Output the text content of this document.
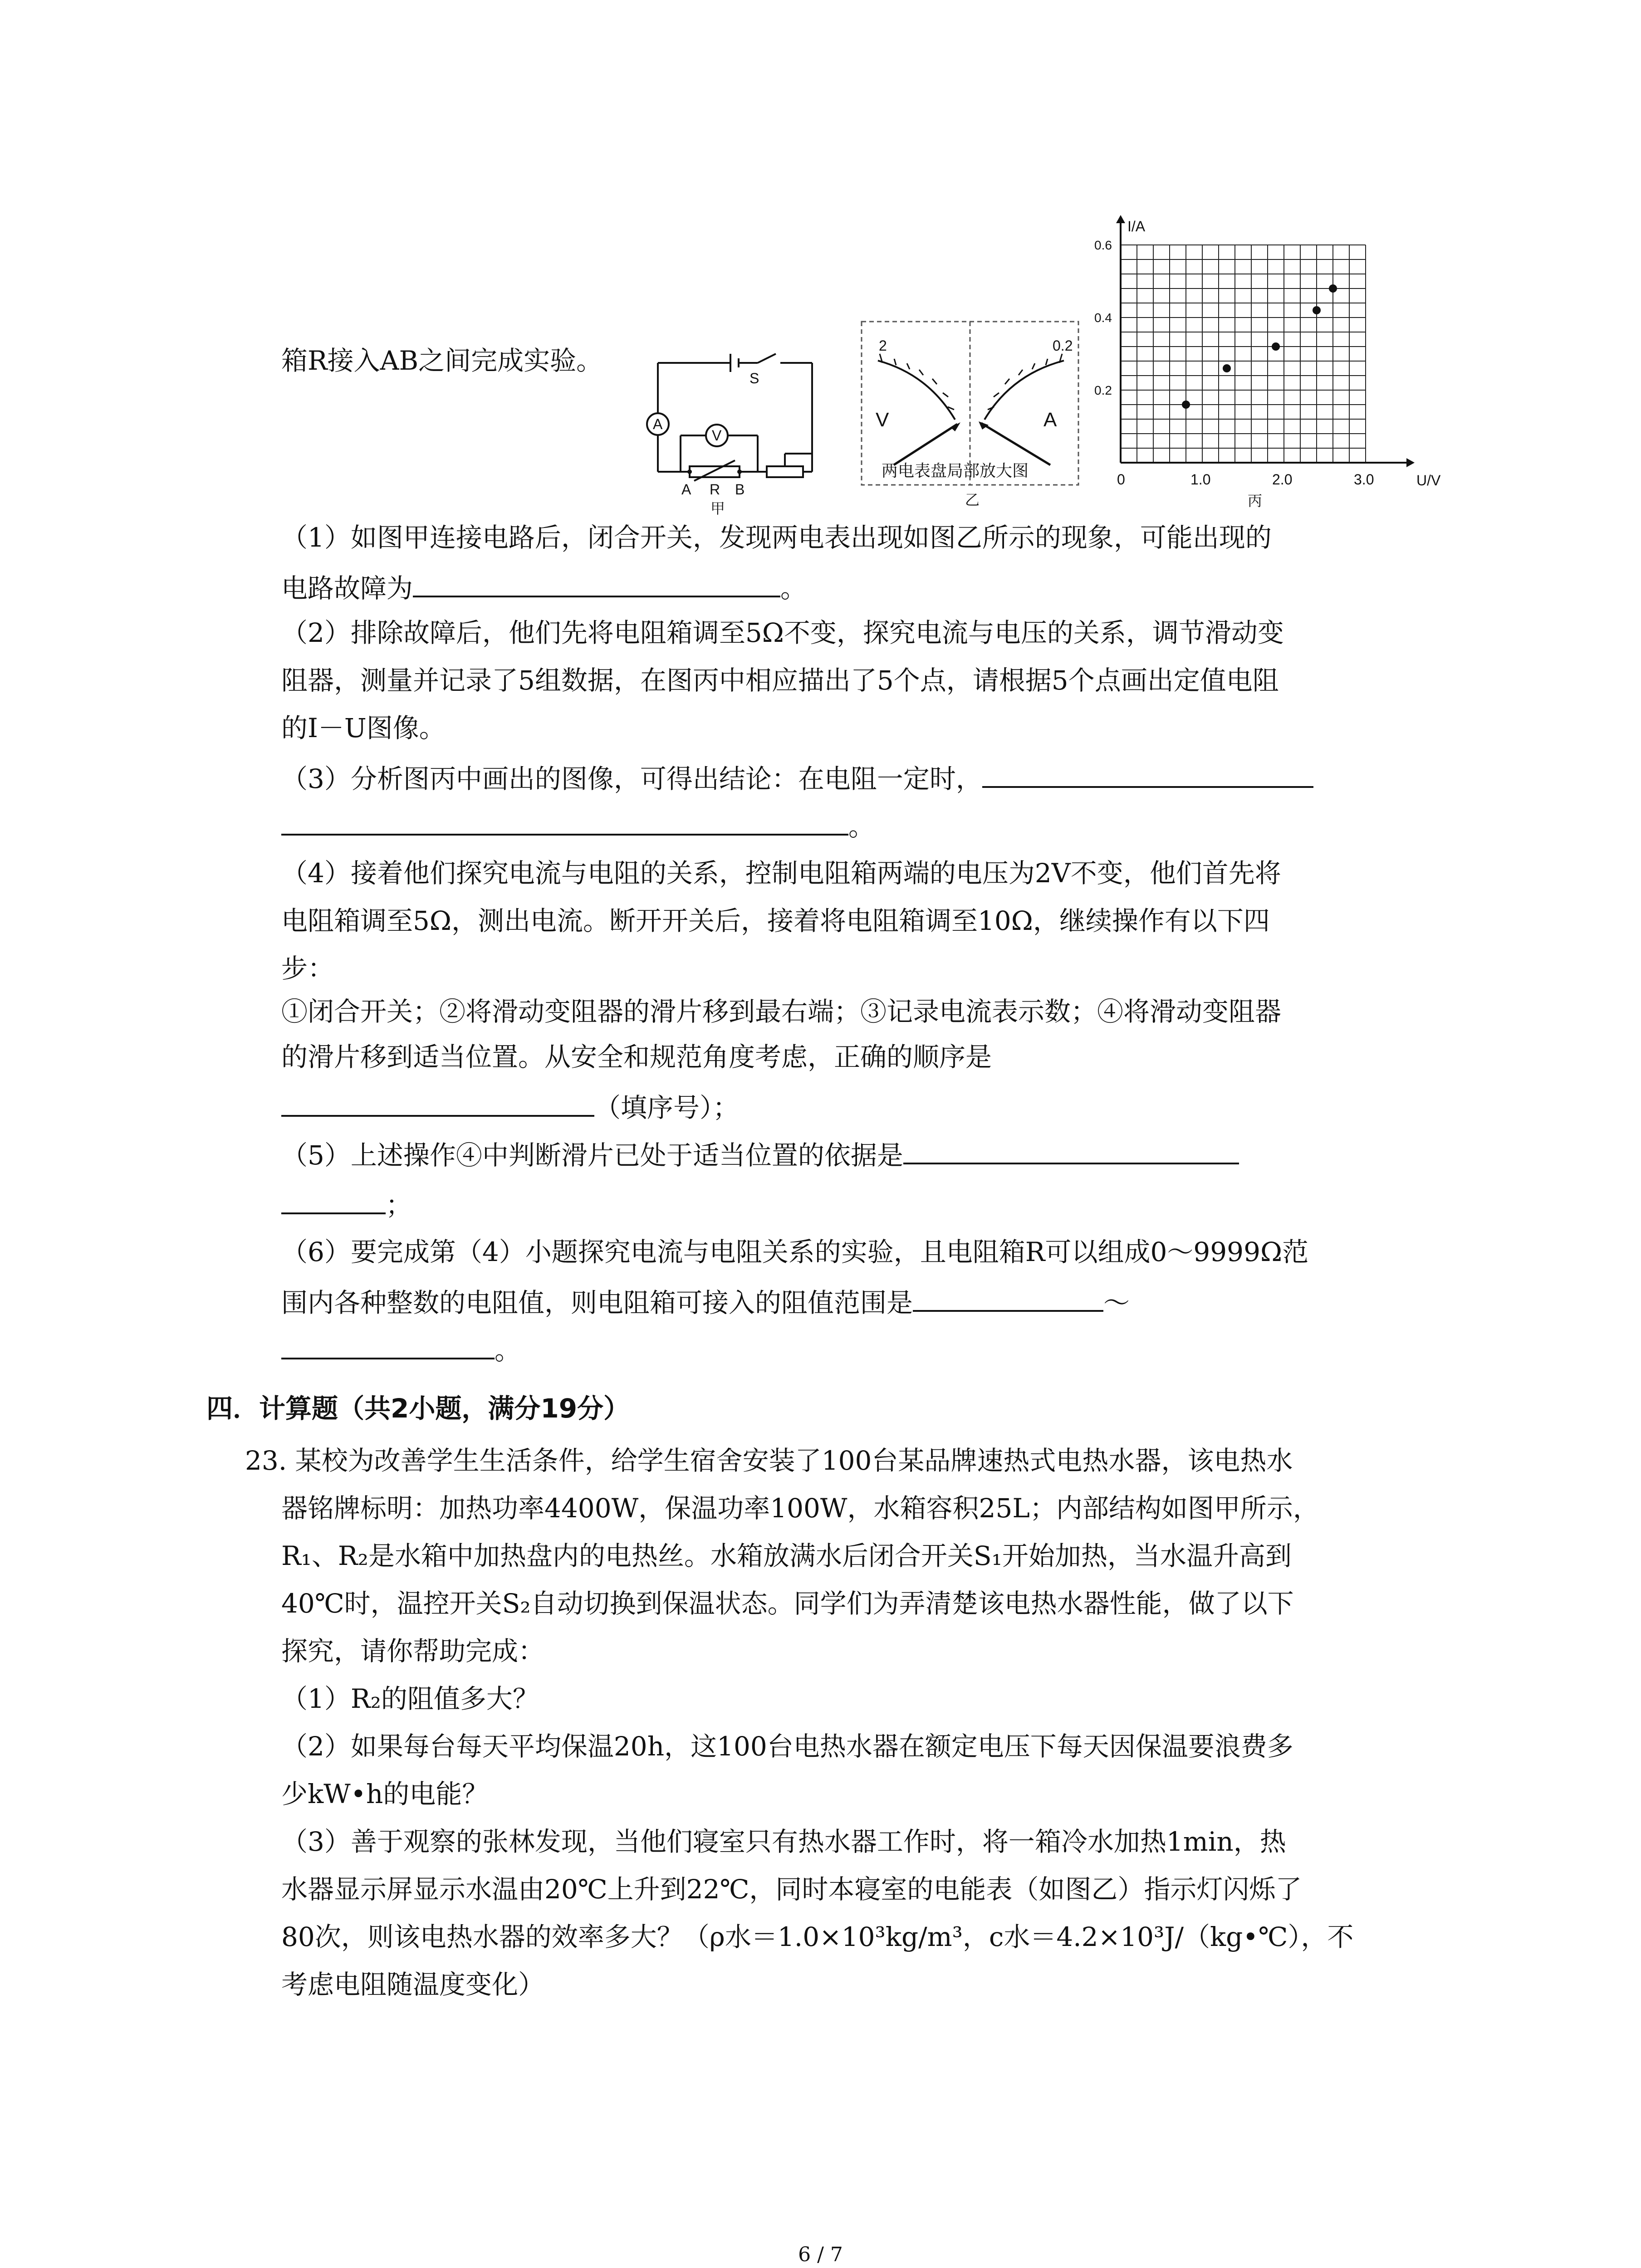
箱R接入AB之间完成实验。
A
V
S
A R B
甲
2
V
0.2
A
两电表盘局部放大图
乙
I/A
U/V
0	1.0	2.0	3.0
0.2
0.4
0.6
丙
（1）如图甲连接电路后，闭合开关，发现两电表出现如图乙所示的现象，可能出现的
电路故障为	。
（2）排除故障后，他们先将电阻箱调至5Ω不变，探究电流与电压的关系，调节滑动变
阻器，测量并记录了5组数据，在图丙中相应描出了5个点，请根据5个点画出定值电阻
的I－U图像。
（3）分析图丙中画出的图像，可得出结论：在电阻一定时，
。
（4）接着他们探究电流与电阻的关系，控制电阻箱两端的电压为2V不变，他们首先将
电阻箱调至5Ω，测出电流。断开开关后，接着将电阻箱调至10Ω，继续操作有以下四
步：
①闭合开关；②将滑动变阻器的滑片移到最右端；③记录电流表示数；④将滑动变阻器
的滑片移到适当位置。从安全和规范角度考虑，正确的顺序是
（填序号）；
（5）上述操作④中判断滑片已处于适当位置的依据是
；
（6）要完成第（4）小题探究电流与电阻关系的实验，且电阻箱R可以组成0～9999Ω范
围内各种整数的电阻值，则电阻箱可接入的阻值范围是	～
。
四．计算题（共2小题，满分19分）
23. 某校为改善学生生活条件，给学生宿舍安装了100台某品牌速热式电热水器，该电热水
器铭牌标明：加热功率4400W，保温功率100W，水箱容积25L；内部结构如图甲所示，
R₁、R₂是水箱中加热盘内的电热丝。水箱放满水后闭合开关S₁开始加热，当水温升高到
40℃时，温控开关S₂自动切换到保温状态。同学们为弄清楚该电热水器性能，做了以下
探究，请你帮助完成：
（1）R₂的阻值多大？
（2）如果每台每天平均保温20h，这100台电热水器在额定电压下每天因保温要浪费多
少kW•h的电能？
（3）善于观察的张林发现，当他们寝室只有热水器工作时，将一箱冷水加热1min，热
水器显示屏显示水温由20℃上升到22℃，同时本寝室的电能表（如图乙）指示灯闪烁了
80次，则该电热水器的效率多大？（ρ水＝1.0×10³kg/m³，c水＝4.2×10³J/（kg•℃），不
考虑电阻随温度变化）
6 / 7
